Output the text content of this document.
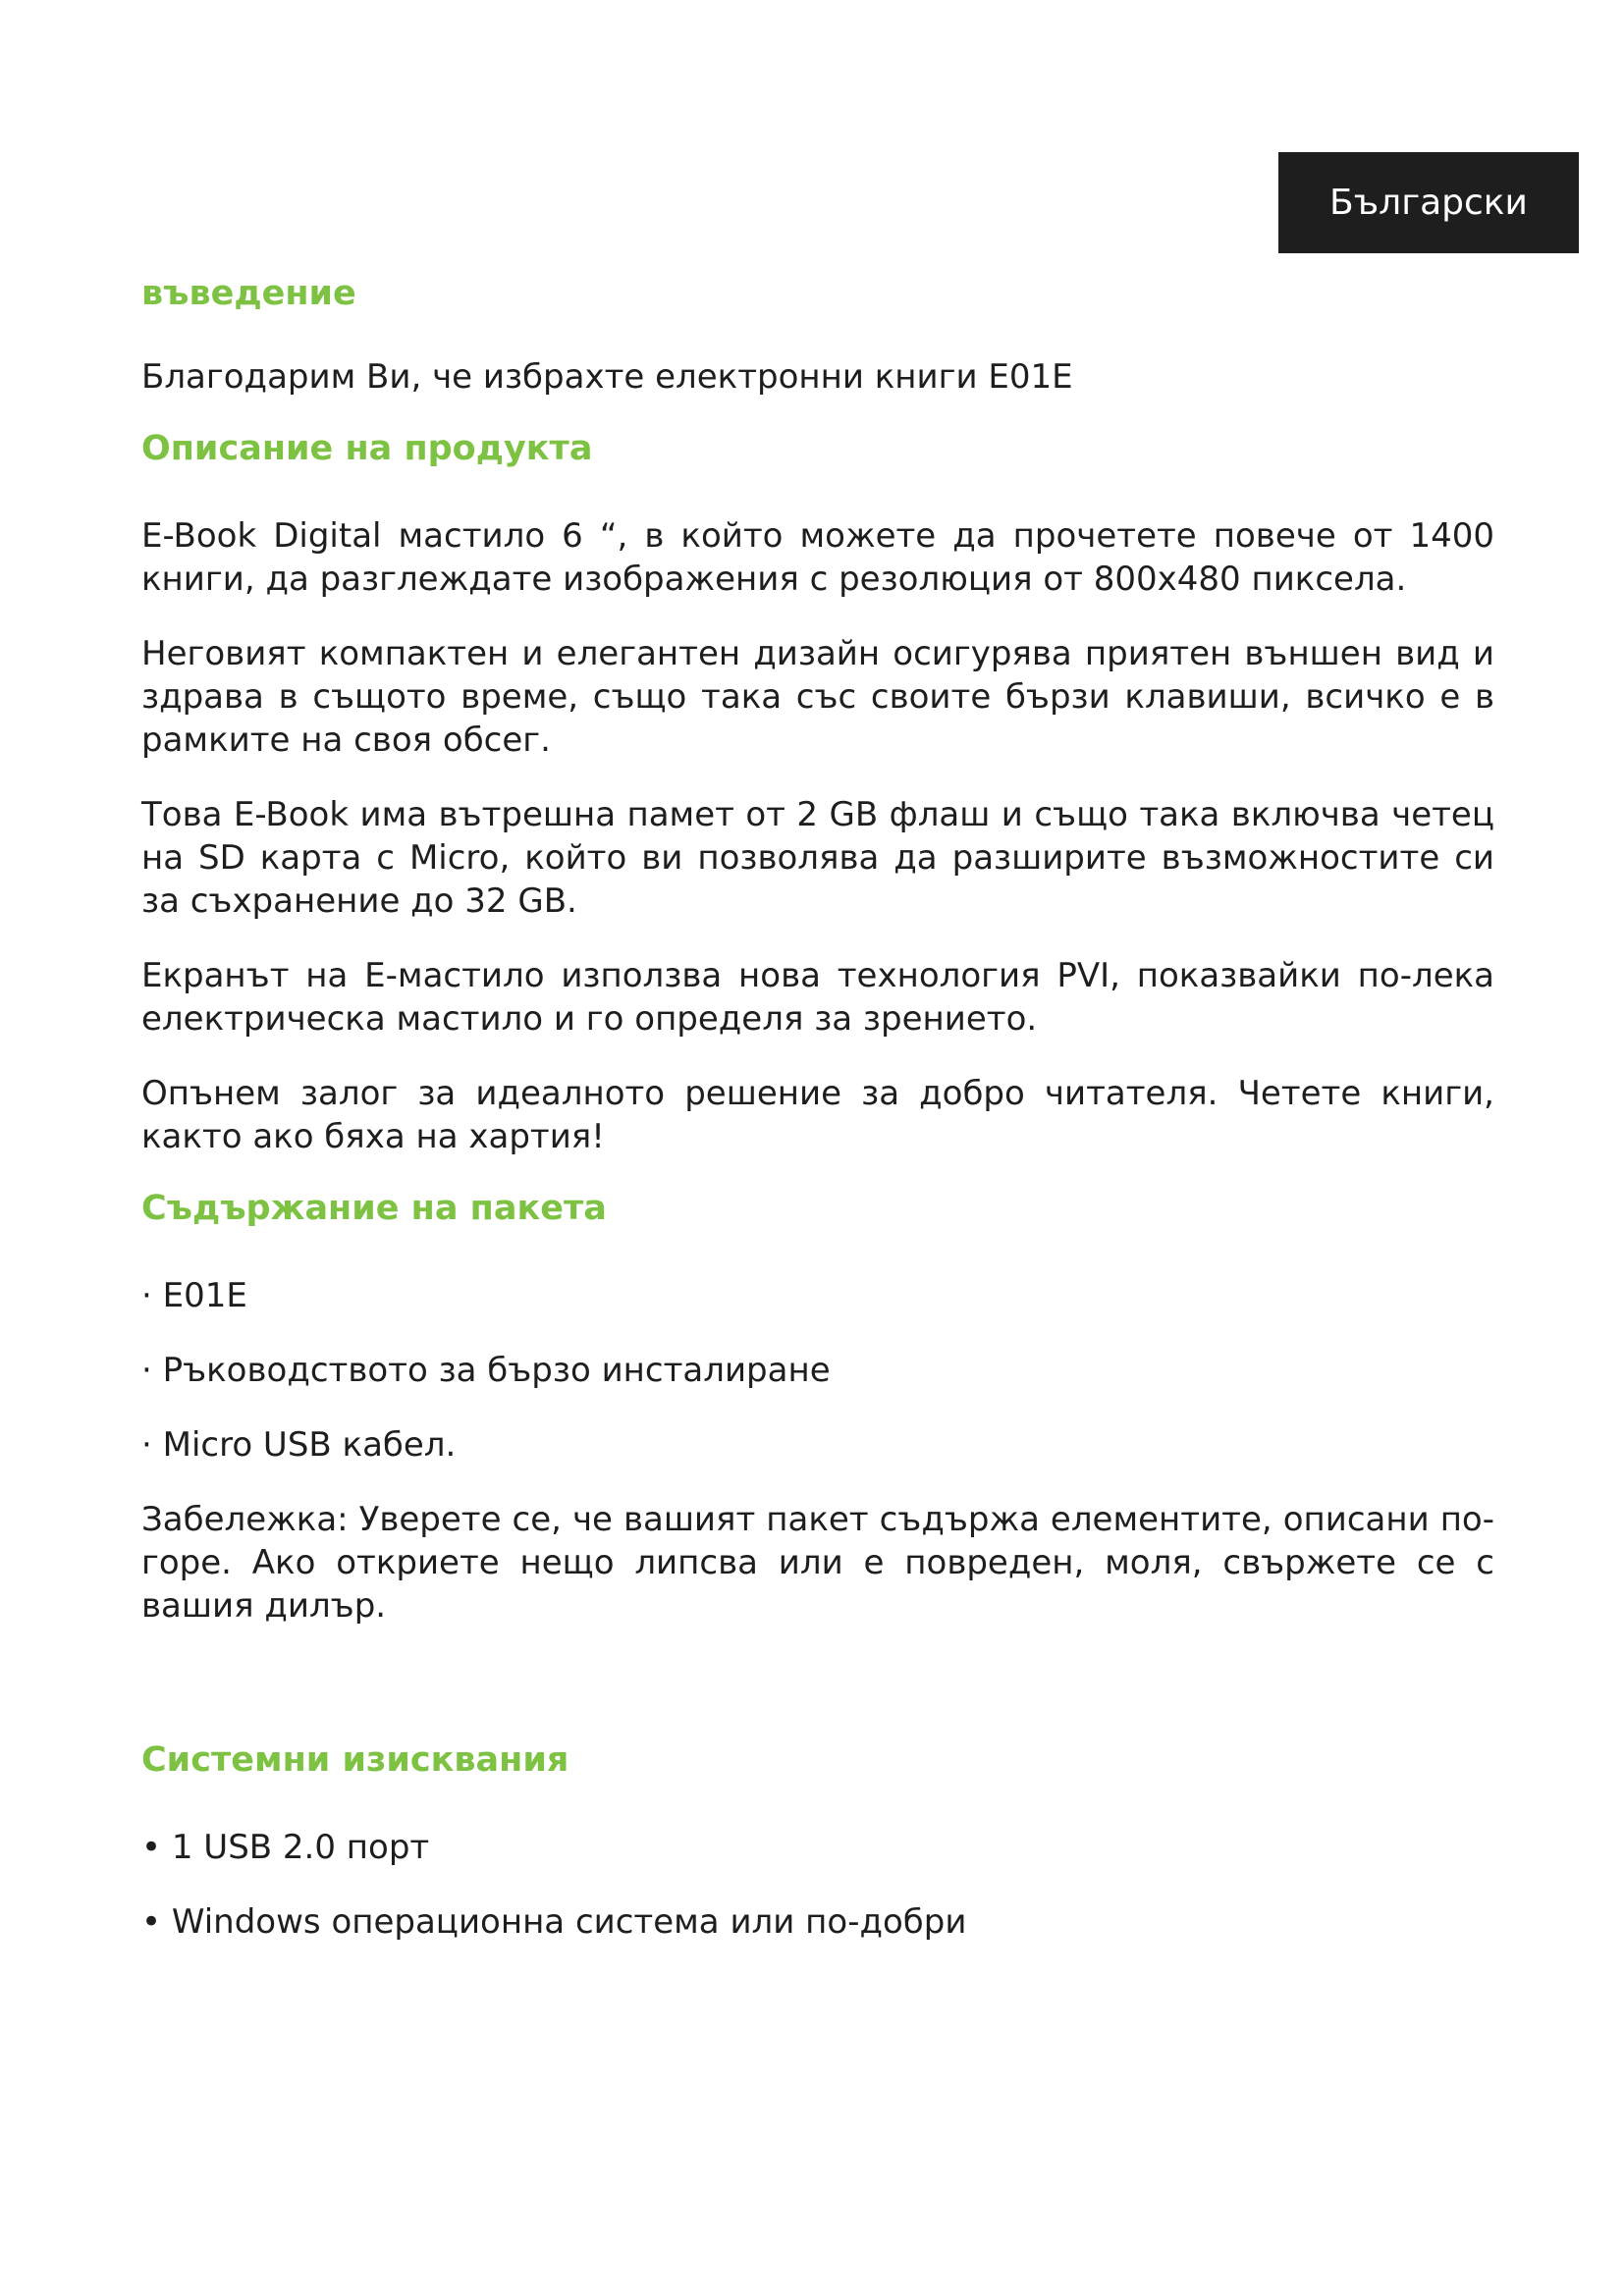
Български
въведение

Благодарим Ви, че избрахте електронни книги E01E

Описание на продукта

E-Book Digital мастило 6 “, в който можете да прочетете повече от 1400 книги, да разглеждате изображения с резолюция от 800x480 пиксела.

Неговият компактен и елегантен дизайн осигурява приятен външен вид и здрава в същото време, също така със своите бързи клавиши, всичко е в рамките на своя обсег.

Това E-Book има вътрешна памет от 2 GB флаш и също така включва четец на SD карта с Micro, който ви позволява да разширите възможностите си за съхранение до 32 GB.

Екранът на E-мастило използва нова технология PVI, показвайки по-лека електрическа мастило и го определя за зрението.

Опънем залог за идеалното решение за добро читателя. Четете книги, както ако бяха на хартия!

Съдържание на пакета

· E01E

· Ръководството за бързо инсталиране

· Micro USB кабел.

Забележка: Уверете се, че вашият пакет съдържа елементите, описани по-горе. Ако откриете нещо липсва или е повреден, моля, свържете се с вашия дилър.

Системни изисквания

• 1 USB 2.0 порт

• Windows операционна система или по-добри
